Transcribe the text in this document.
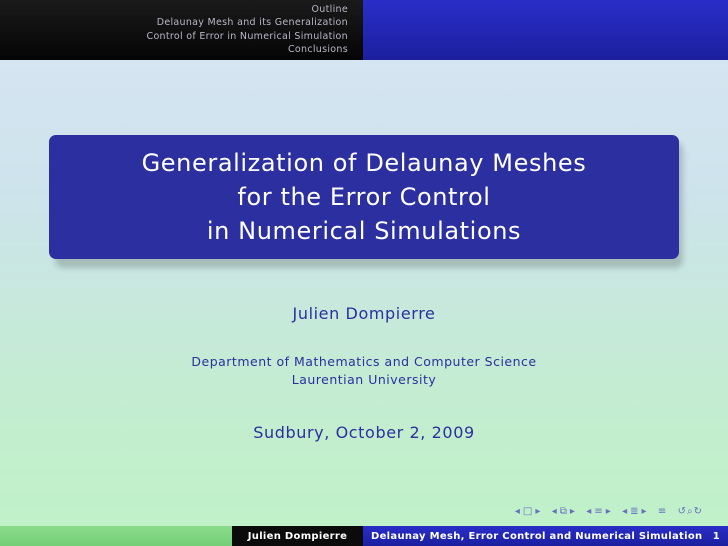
Outline
Delaunay Mesh and its Generalization
Control of Error in Numerical Simulation
Conclusions
Generalization of Delaunay Meshes
for the Error Control
in Numerical Simulations
Julien Dompierre
Department of Mathematics and Computer Science
Laurentian University
Sudbury, October 2, 2009
◂ □ ▸ ◂ ⧉ ▸ ◂ ≡ ▸ ◂ ≣ ▸ ≡ ↺⌕↻
Julien Dompierre	Delaunay Mesh, Error Control and Numerical Simulation 1
